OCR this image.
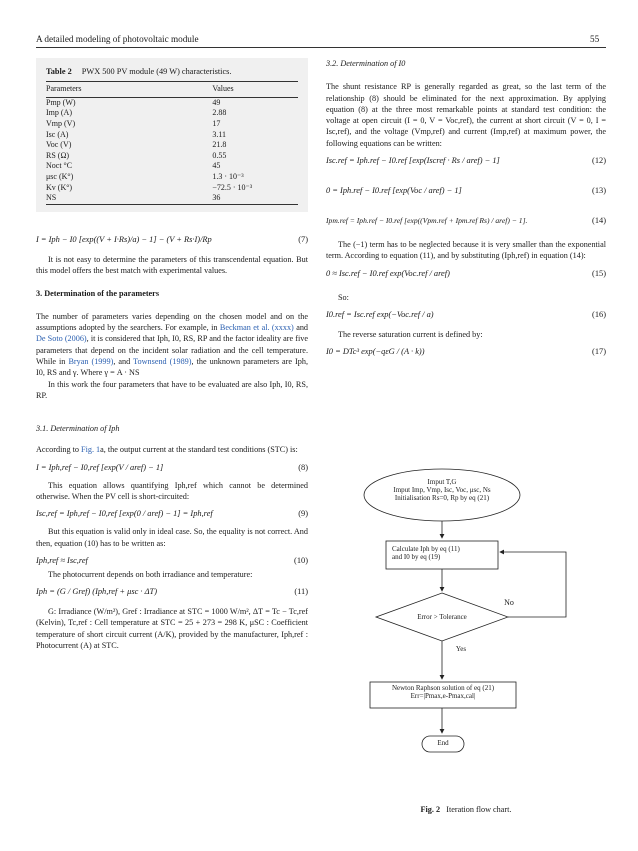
A detailed modeling of photovoltaic module	55
Table 2 PWX 500 PV module (49 W) characteristics.
Parameters	Values
Pmp (W)	49
Imp (A)	2.88
Vmp (V)	17
Isc (A)	3.11
Voc (V)	21.8
RS (Ω)	0.55
Noct °C	45
μsc (K°)	1.3 · 10⁻³
Kv (K°)	−72.5 · 10⁻³
NS	36
I = Iph − I0 [exp((V + I·Rs)/a) − 1] − (V + Rs·I)/Rp	(7)

It is not easy to determine the parameters of this transcendental equation. But this model offers the best match with experimental values.

3. Determination of the parameters

The number of parameters varies depending on the chosen model and on the assumptions adopted by the searchers. For example, in Beckman et al. (xxxx) and De Soto (2006), it is considered that Iph, I0, RS, RP and the factor ideality are five parameters that depend on the incident solar radiation and the cell temperature. While in Bryan (1999), and Townsend (1989), the unknown parameters are Iph, I0, RS and γ. Where γ = A · NS

In this work the four parameters that have to be evaluated are also Iph, I0, RS, RP.

3.1. Determination of Iph

According to Fig. 1a, the output current at the standard test conditions (STC) is:

I = Iph,ref − I0,ref [exp(V / aref) − 1]	(8)

This equation allows quantifying Iph,ref which cannot be determined otherwise. When the PV cell is short-circuited:

Isc,ref = Iph,ref − I0,ref [exp(0 / aref) − 1] = Iph,ref	(9)

But this equation is valid only in ideal case. So, the equality is not correct. And then, equation (10) has to be written as:

Iph,ref ≈ Isc,ref	(10)

The photocurrent depends on both irradiance and temperature:

Iph = (G / Gref) (Iph,ref + μsc · ΔT)	(11)

G: Irradiance (W/m²), Gref : Irradiance at STC = 1000 W/m², ΔT = Tc − Tc,ref (Kelvin), Tc,ref : Cell temperature at STC = 25 + 273 = 298 K, μSC : Coefficient temperature of short circuit current (A/K), provided by the manufacturer, Iph,ref : Photocurrent (A) at STC.

3.2. Determination of I0

The shunt resistance RP is generally regarded as great, so the last term of the relationship (8) should be eliminated for the next approximation. By applying equation (8) at the three most remarkable points at standard test condition: the voltage at open circuit (I = 0, V = Voc,ref), the current at short circuit (V = 0, I = Isc,ref), and the voltage (Vmp,ref) and current (Imp,ref) at maximum power, the following equations can be written:

Isc.ref = Iph.ref − I0.ref [exp(Iscref · Rs / aref) − 1]	(12)
0 = Iph.ref − I0.ref [exp(Voc / aref) − 1]	(13)
Ipm.ref = Iph.ref − I0.ref [exp((Vpm.ref + Ipm.ref Rs) / aref) − 1].	(14)

The (−1) term has to be neglected because it is very smaller than the exponential term. According to equation (11), and by substituting (Iph,ref) in equation (14):

0 ≈ Isc.ref − I0.ref exp(Voc.ref / aref)	(15)

So:

I0.ref = Isc.ref exp(−Voc.ref / a)	(16)

The reverse saturation current is defined by:

I0 = DTc³ exp(−qεG / (A · k))	(17)
Imput T,G
Imput Imp, Vmp, Isc, Voc, μsc, Ns
Initialisation Rs=0, Rp by eq (21)
Calculate Iph by eq (11)
and I0 by eq (19)
Error > Tolerance
No
Yes
Newton Raphson solution of eq (21)
Err=|Pmax,e-Pmax,cal|
End
Fig. 2 Iteration flow chart.
